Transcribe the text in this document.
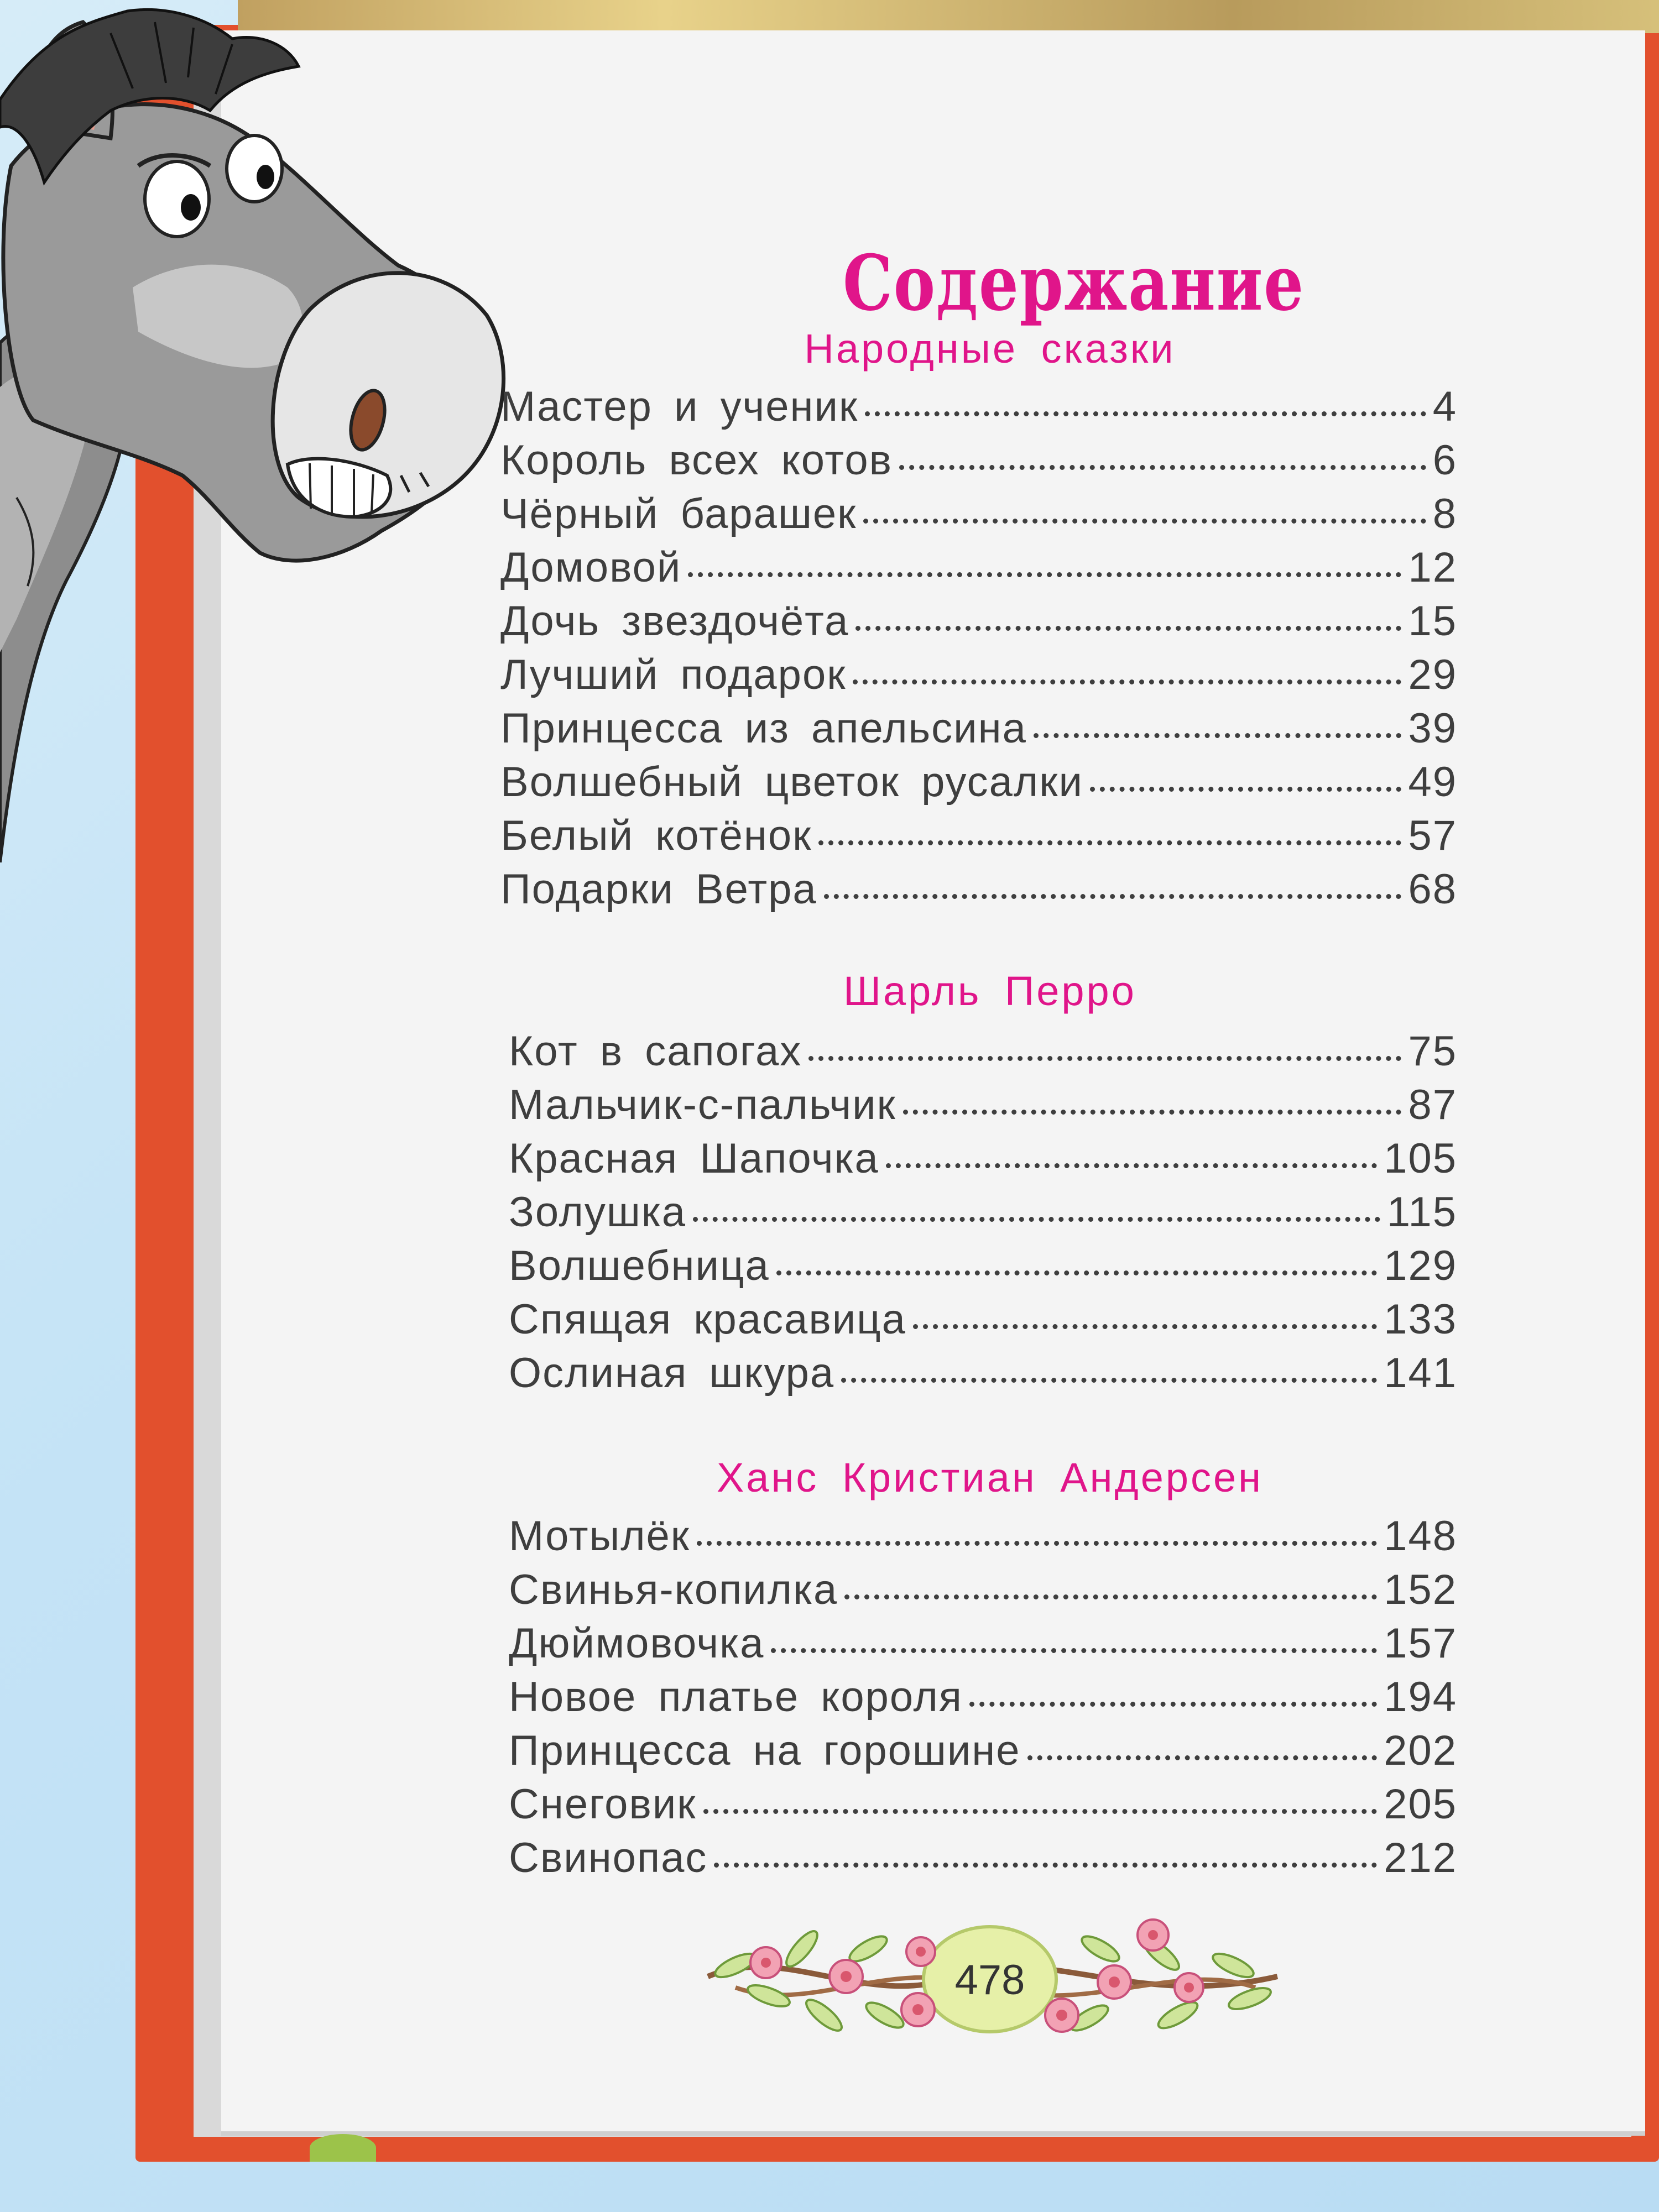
Содержание
Народные сказки
Мастер и ученик	4
Король всех котов	6
Чёрный барашек	8
Домовой	12
Дочь звездочёта	15
Лучший подарок	29
Принцесса из апельсина	39
Волшебный цветок русалки	49
Белый котёнок	57
Подарки Ветра	68
Шарль Перро
Кот в сапогах	75
Мальчик-с-пальчик	87
Красная Шапочка	105
Золушка	115
Волшебница	129
Спящая красавица	133
Ослиная шкура	141
Ханс Кристиан Андерсен
Мотылёк	148
Свинья-копилка	152
Дюймовочка	157
Новое платье короля	194
Принцесса на горошине	202
Снеговик	205
Свинопас	212
478
